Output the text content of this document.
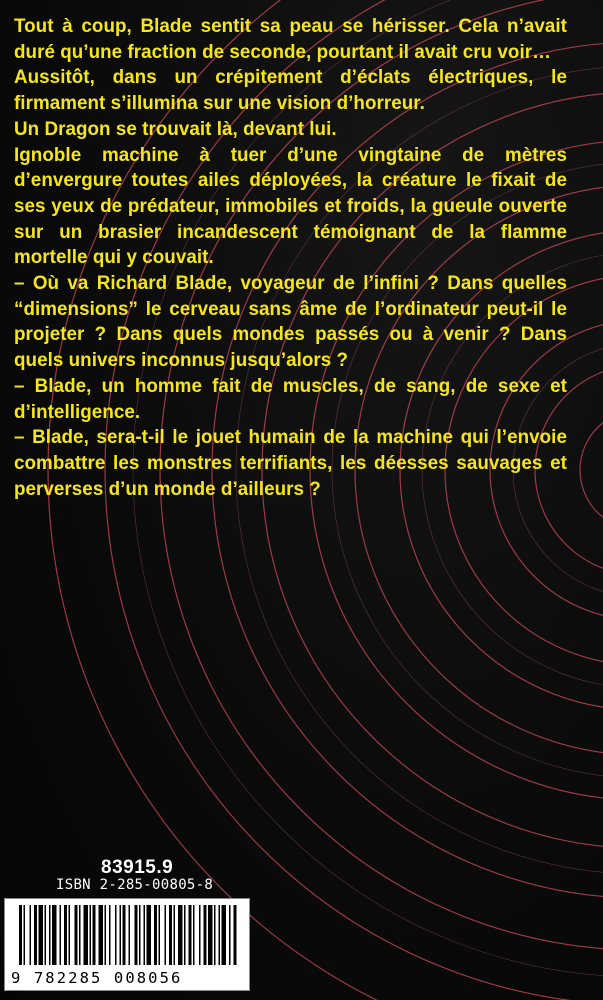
Tout à coup, Blade sentit sa peau se hérisser. Cela n’avait duré qu’une fraction de seconde, pourtant il avait cru voir…

Aussitôt, dans un crépitement d’éclats électriques, le firmament s’illumina sur une vision d’horreur.

Un Dragon se trouvait là, devant lui.

Ignoble machine à tuer d’une vingtaine de mètres d’envergure toutes ailes déployées, la créature le fixait de ses yeux de prédateur, immobiles et froids, la gueule ouverte sur un brasier incandescent témoignant de la flamme mortelle qui y couvait.

– Où va Richard Blade, voyageur de l’infini ? Dans quelles “dimensions” le cerveau sans âme de l’ordinateur peut-il le projeter ? Dans quels mondes passés ou à venir ? Dans quels univers inconnus jusqu’alors ?

– Blade, un homme fait de muscles, de sang, de sexe et d’intelligence.

– Blade, sera-t-il le jouet humain de la machine qui l’envoie combattre les monstres terrifiants, les déesses sauvages et perverses d’un monde d’ailleurs ?

83915.9
ISBN 2-285-00805-8
9 782285 008056
